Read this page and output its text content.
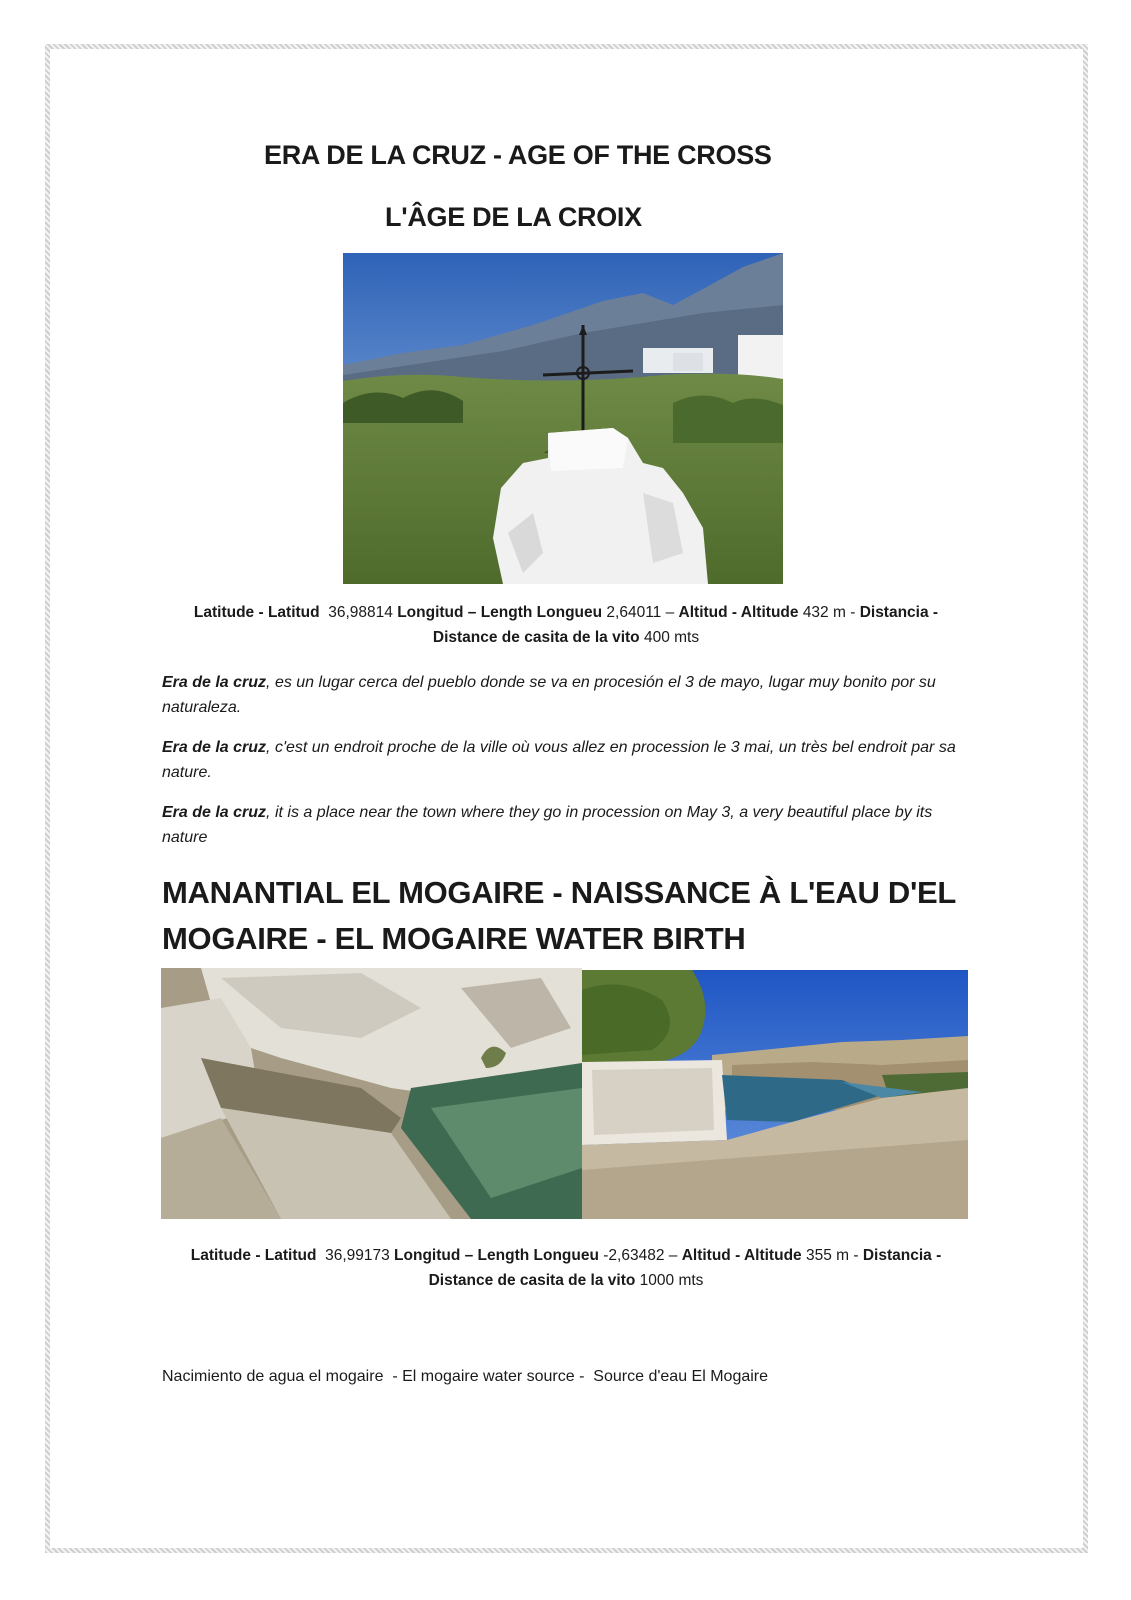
ERA DE LA CRUZ - AGE OF THE CROSS
L'ÂGE DE LA CROIX

Latitude - Latitud 36,98814 Longitud – Length Longueu 2,64011 – Altitud - Altitude 432 m - Distancia - Distance de casita de la vito 400 mts

Era de la cruz, es un lugar cerca del pueblo donde se va en procesión el 3 de mayo, lugar muy bonito por su naturaleza.

Era de la cruz, c'est un endroit proche de la ville où vous allez en procession le 3 mai, un très bel endroit par sa nature.

Era de la cruz, it is a place near the town where they go in procession on May 3, a very beautiful place by its nature

MANANTIAL EL MOGAIRE - NAISSANCE À L'EAU D'EL MOGAIRE - EL MOGAIRE WATER BIRTH

Latitude - Latitud 36,99173 Longitud – Length Longueu -2,63482 – Altitud - Altitude 355 m - Distancia - Distance de casita de la vito 1000 mts

Nacimiento de agua el mogaire  - El mogaire water source -  Source d'eau El Mogaire
